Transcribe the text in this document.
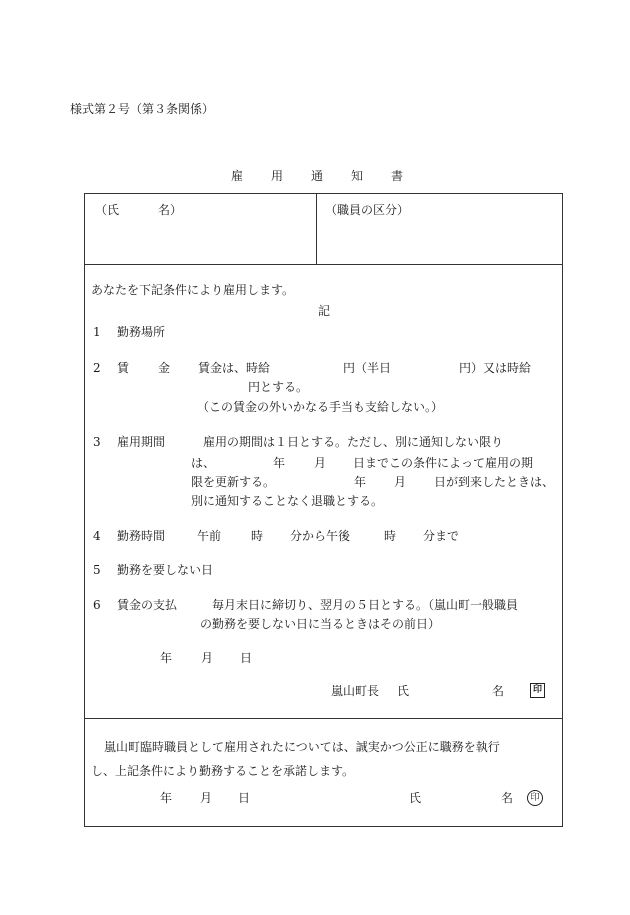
様式第２号（第３条関係）
雇 用 通 知 書
（氏	名）	（職員の区分）
あなたを下記条件により雇用します。
記
1 勤務場所
2 賃 金 賃金は、時給	円（半日	円）又は時給
円とする。
（この賃金の外いかなる手当も支給しない。）
3 雇用期間	雇用の期間は１日とする。ただし、別に通知しない限り
は、	年 月 日までこの条件によって雇用の期
限を更新する。	年 月 日が到来したときは、
別に通知することなく退職とする。
4 勤務時間	午前 時 分から午後	時 分まで
5 勤務を要しない日
6 賃金の支払	毎月末日に締切り、翌月の５日とする。（嵐山町一般職員
の勤務を要しない日に当るときはその前日）
年 月 日
嵐山町長 氏	名	印
嵐山町臨時職員として雇用されたについては、誠実かつ公正に職務を執行
し、上記条件により勤務することを承諾します。
年 月 日	氏	名	印
